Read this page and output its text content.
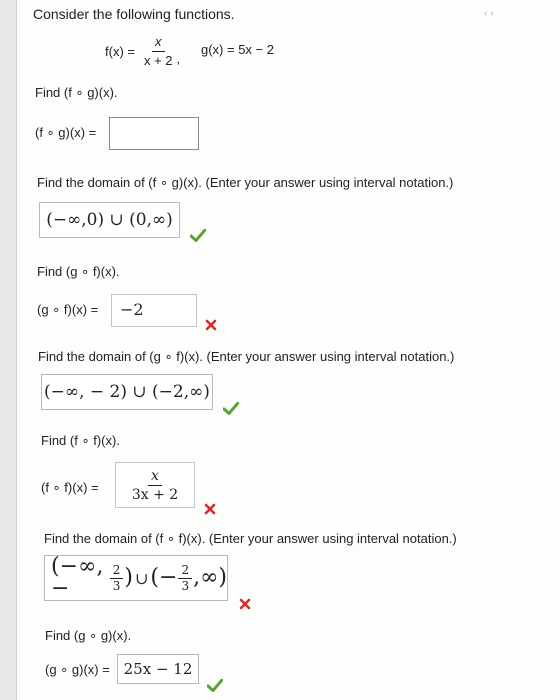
‹ ›
Consider the following functions.
$f(x) = \frac{x}{x + 2}$ ,
g(x) = 5x − 2
Find (f ∘ g)(x).
(f ∘ g)(x) =
Find the domain of (f ∘ g)(x). (Enter your answer using interval notation.)
(−∞,0) ∪ (0,∞)
Find (g ∘ f)(x).
(g ∘ f)(x) = −2
Find the domain of (g ∘ f)(x). (Enter your answer using interval notation.)
(−∞, − 2) ∪ (−2,∞)
Find (f ∘ f)(x).
(f ∘ $f)(x) = \frac{x}{3x + 2}$
Find the domain of (f ∘ f)(x). (Enter your answer using interval notation.)
(−∞, −	$\frac{2}{3}$ ) ∪ (− $\frac{2}{3}$ ,∞)
Find (g ∘ g)(x).
(g ∘ g)(x) = 25x − 12
